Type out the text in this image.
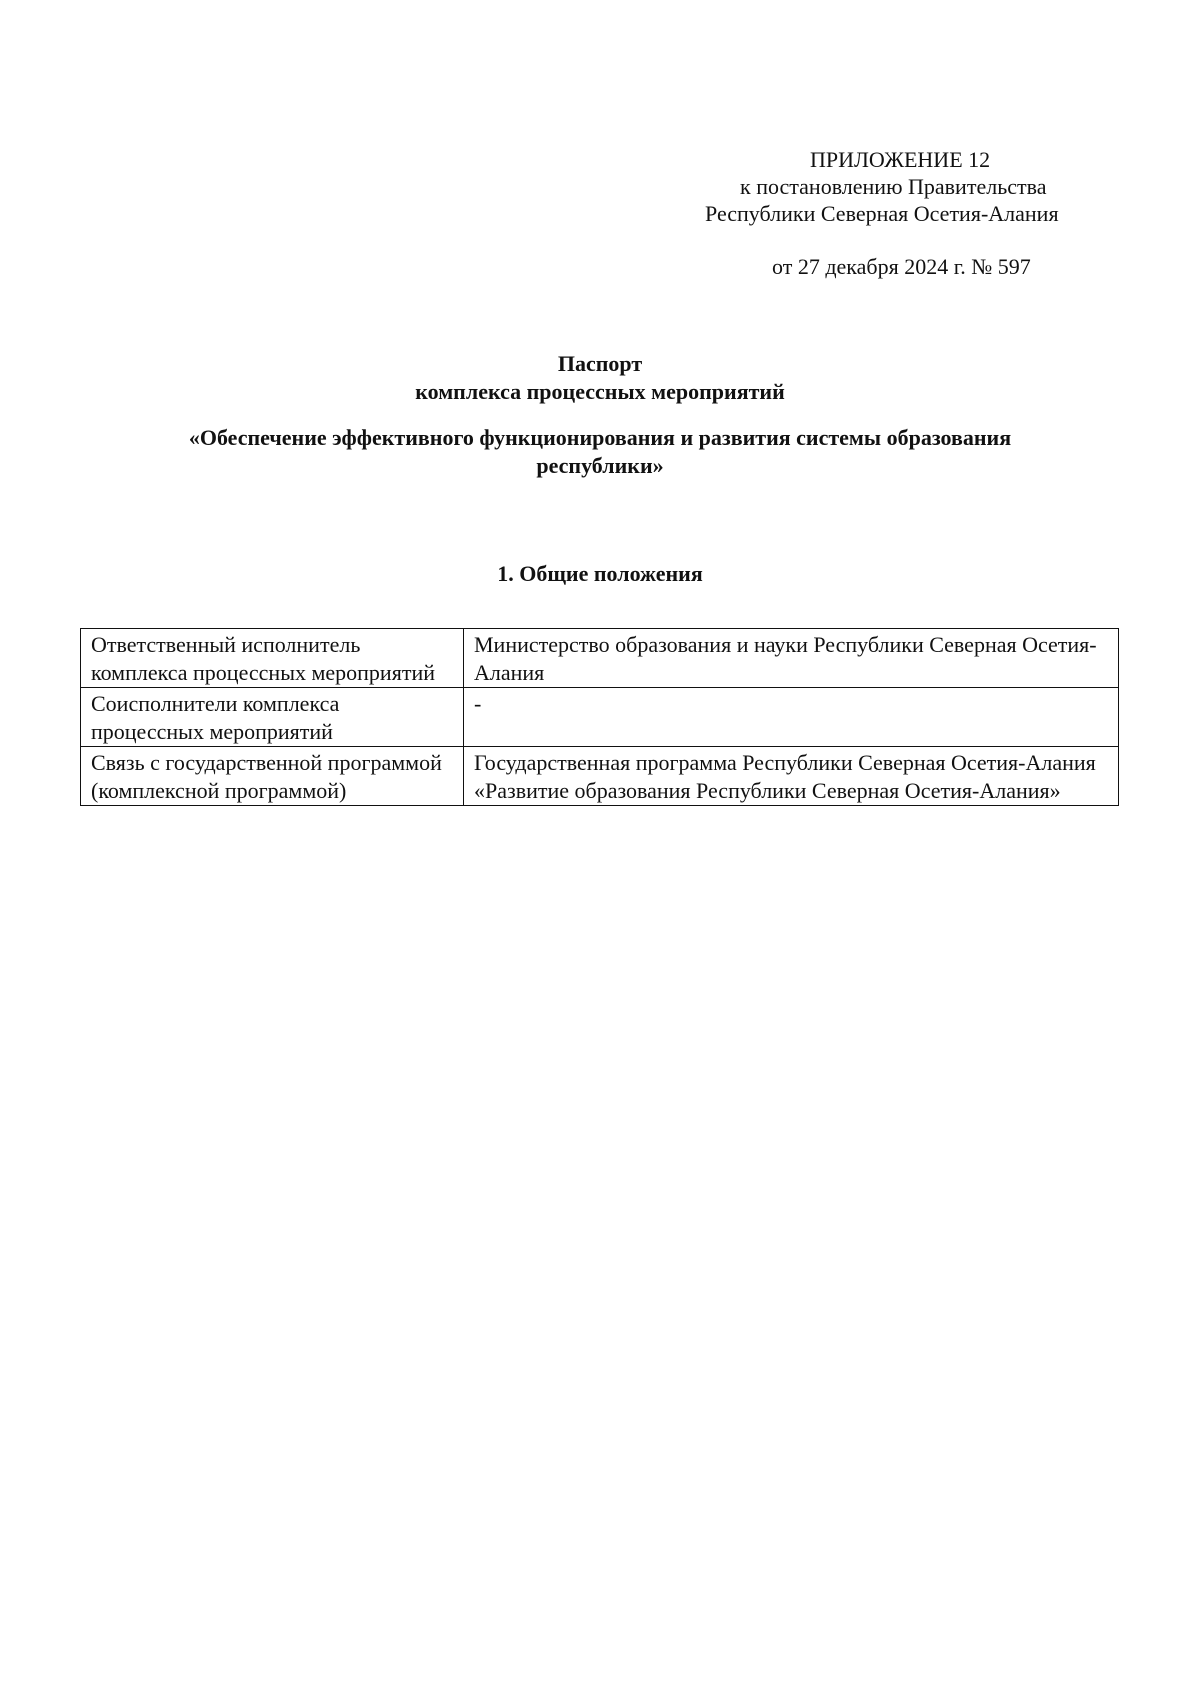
ПРИЛОЖЕНИЕ 12
к постановлению Правительства
Республики Северная Осетия-Алания
от 27 декабря 2024 г. № 597
Паспорт
комплекса процессных мероприятий
«Обеспечение эффективного функционирования и развития системы образования
республики»
1. Общие положения
Ответственный исполнитель комплекса процессных мероприятий	Министерство образования и науки Республики Северная Осетия-Алания
Соисполнители комплекса процессных мероприятий	-
Связь с государственной программой (комплексной программой)	Государственная программа Республики Северная Осетия-Алания «Развитие образования Республики Северная Осетия-Алания»
